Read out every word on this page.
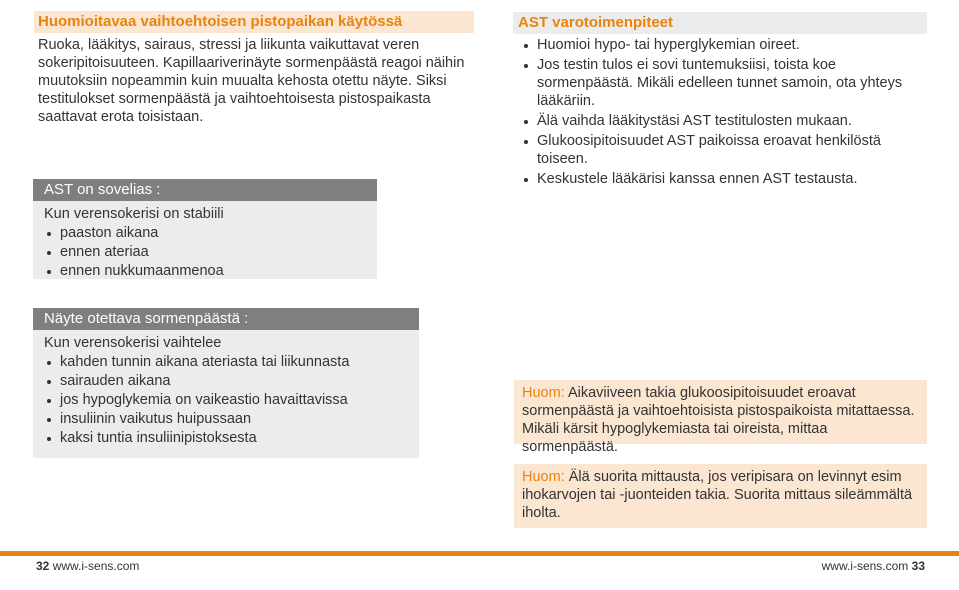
Huomioitavaa vaihtoehtoisen pistopaikan käytössä
Ruoka, lääkitys, sairaus, stressi ja liikunta vaikuttavat veren sokeripitoisuuteen. Kapillaariverinäyte sormenpäästä reagoi näihin muutoksiin nopeammin kuin muualta kehosta otettu näyte. Siksi testitulokset sormenpäästä ja vaihtoehtoisesta pistospaikasta saattavat erota toisistaan.
AST on sovelias :
Kun verensokerisi on stabiili
paaston aikana
ennen ateriaa
ennen nukkumaanmenoa
Näyte otettava sormenpäästä :
Kun verensokerisi vaihtelee
kahden tunnin aikana ateriasta tai liikunnasta
sairauden aikana
jos hypoglykemia on vaikeastio havaittavissa
insuliinin vaikutus huipussaan
kaksi tuntia insuliinipistoksesta
AST varotoimenpiteet
Huomioi hypo- tai hyperglykemian oireet.
Jos testin tulos ei sovi tuntemuksiisi, toista koe sormenpäästä. Mikäli edelleen tunnet samoin, ota yhteys lääkäriin.
Älä vaihda lääkitystäsi AST testitulosten mukaan.
Glukoosipitoisuudet AST paikoissa eroavat henkilöstä toiseen.
Keskustele lääkärisi kanssa ennen AST testausta.
Huom: Aikaviiveen takia glukoosipitoisuudet eroavat sormenpäästä ja vaihtoehtoisista pistospaikoista mitattaessa. Mikäli kärsit hypoglykemiasta tai oireista, mittaa sormenpäästä.
Huom: Älä suorita mittausta, jos veripisara on levinnyt esim ihokarvojen tai -juonteiden takia. Suorita mittaus sileämmältä iholta.
32 www.i-sens.com	www.i-sens.com 33
